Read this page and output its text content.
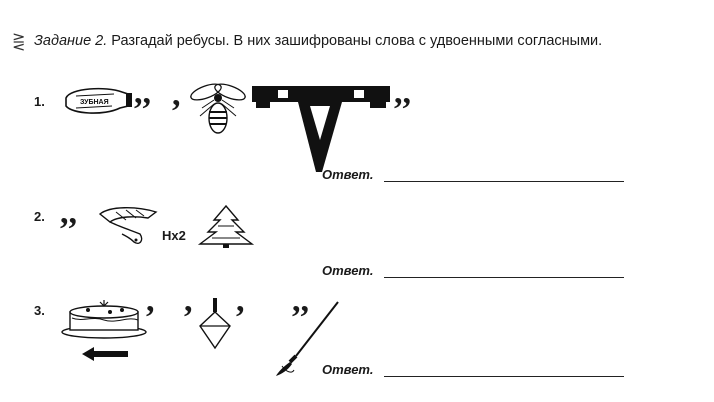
⋛ Задание 2. Разгадай ребусы. В них зашифрованы слова с удвоенными согласными.
1.	ЗУБНАЯ ,, ,	,,
Ответ.
2. ,,
Нх2
Ответ.
3.	, , , ,,
Ответ.
